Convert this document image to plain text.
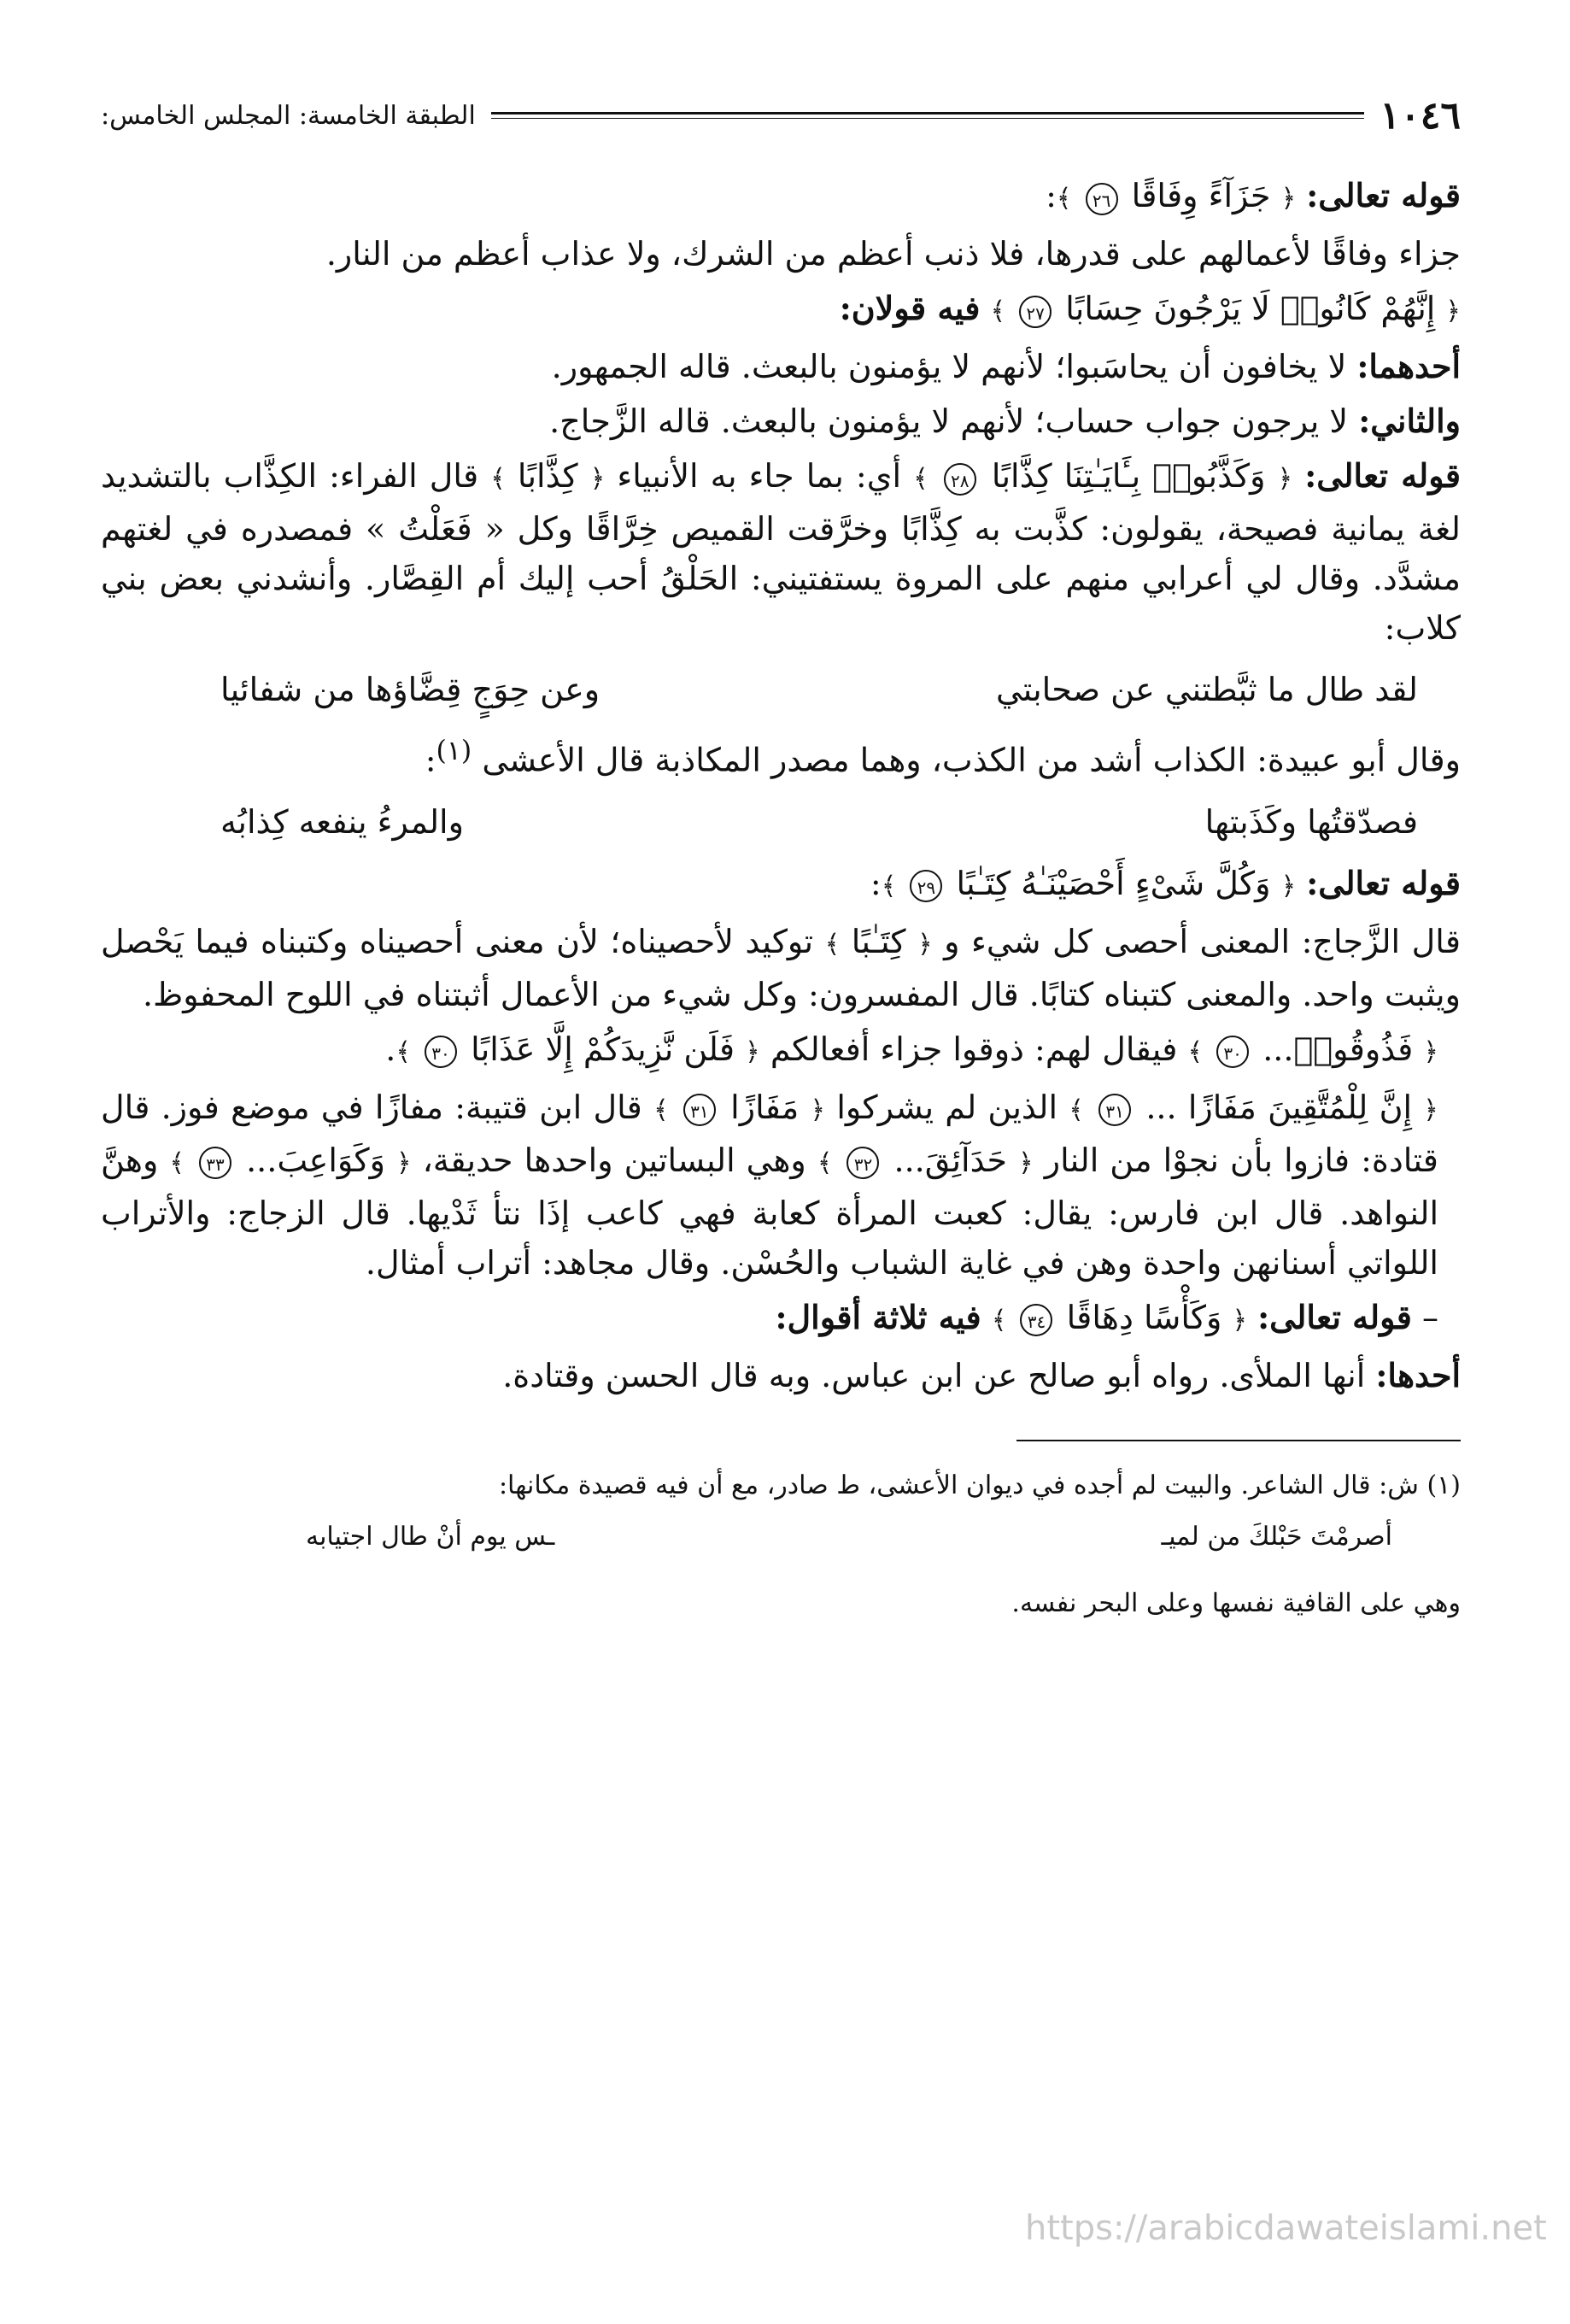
١٠٤٦
الطبقة الخامسة: المجلس الخامس:

قوله تعالى: ﴿ جَزَآءً وِفَاقًا ٢٦ ﴾:

جزاء وفاقًا لأعمالهم على قدرها، فلا ذنب أعظم من الشرك، ولا عذاب أعظم من النار.

﴿ إِنَّهُمْ كَانُوا۟ لَا يَرْجُونَ حِسَابًا ٢٧ ﴾ فيه قولان:

أحدهما: لا يخافون أن يحاسَبوا؛ لأنهم لا يؤمنون بالبعث. قاله الجمهور.

والثاني: لا يرجون جواب حساب؛ لأنهم لا يؤمنون بالبعث. قاله الزَّجاج.

قوله تعالى: ﴿ وَكَذَّبُوا۟ بِـَٔايَـٰتِنَا كِذَّابًا ٢٨ ﴾ أي: بما جاء به الأنبياء ﴿ كِذَّابًا ﴾ قال الفراء: الكِذَّاب بالتشديد لغة يمانية فصيحة، يقولون: كذَّبت به كِذَّابًا وخرَّقت القميص خِرَّاقًا وكل « فَعَلْتُ » فمصدره في لغتهم مشدَّد. وقال لي أعرابي منهم على المروة يستفتيني: الحَلْقُ أحب إليك أم القِصَّار. وأنشدني بعض بني كلاب:

لقد طال ما ثبَّطتني عن صحابتي
وعن حِوَجٍ قِضَّاؤها من شفائيا

وقال أبو عبيدة: الكذاب أشد من الكذب، وهما مصدر المكاذبة قال الأعشى $^{(١)}$:

فصدّقتُها وكَذَبتها
والمرءُ ينفعه كِذابُه

قوله تعالى: ﴿ وَكُلَّ شَىْءٍ أَحْصَيْنَـٰهُ كِتَـٰبًا ٢٩ ﴾:

قال الزَّجاج: المعنى أحصى كل شيء و ﴿ كِتَـٰبًا ﴾ توكيد لأحصيناه؛ لأن معنى أحصيناه وكتبناه فيما يَحْصل ويثبت واحد. والمعنى كتبناه كتابًا. قال المفسرون: وكل شيء من الأعمال أثبتناه في اللوح المحفوظ.

﴿ فَذُوقُوا۟... ٣٠ ﴾ فيقال لهم: ذوقوا جزاء أفعالكم ﴿ فَلَن نَّزِيدَكُمْ إِلَّا عَذَابًا ٣٠ ﴾.

﴿ إِنَّ لِلْمُتَّقِينَ مَفَازًا ... ٣١ ﴾ الذين لم يشركوا ﴿ مَفَازًا ٣١ ﴾ قال ابن قتيبة: مفازًا في موضع فوز. قال قتادة: فازوا بأن نجوْا من النار ﴿ حَدَآئِقَ... ٣٢ ﴾ وهي البساتين واحدها حديقة، ﴿ وَكَوَاعِبَ... ٣٣ ﴾ وهنَّ النواهد. قال ابن فارس: يقال: كعبت المرأة كعابة فهي كاعب إذَا نتأ ثَدْيها. قال الزجاج: والأتراب اللواتي أسنانهن واحدة وهن في غاية الشباب والحُسْن. وقال مجاهد: أتراب أمثال.

– قوله تعالى: ﴿ وَكَأْسًا دِهَاقًا ٣٤ ﴾ فيه ثلاثة أقوال:

أحدها: أنها الملأى. رواه أبو صالح عن ابن عباس. وبه قال الحسن وقتادة.

(١) ش: قال الشاعر. والبيت لم أجده في ديوان الأعشى، ط صادر، مع أن فيه قصيدة مكانها:
أصرمْتَ حَبْلكَ من لميـ
ـس يوم أنْ طال اجتيابه
وهي على القافية نفسها وعلى البحر نفسه.
https://arabicdawateislami.net
